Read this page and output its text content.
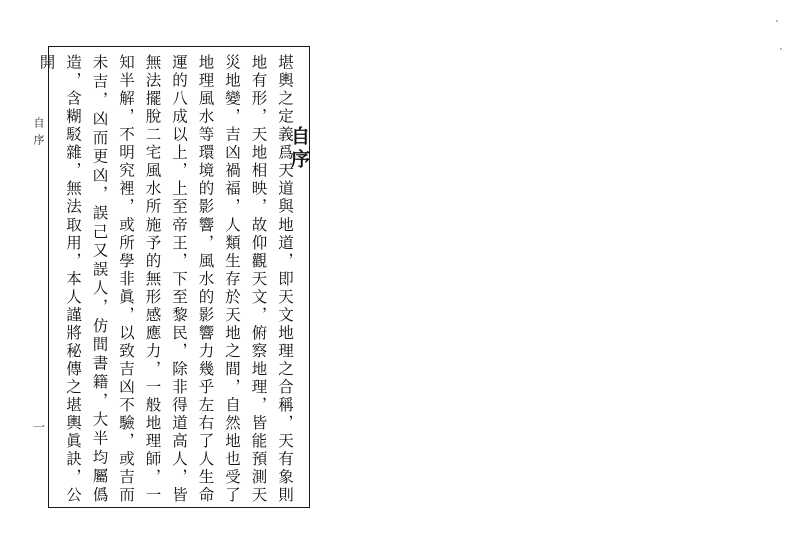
自序
堪輿之定義爲天道與地道，即天文地理之合稱，天有象則地有形，天地相映，故仰觀天文，俯察地理，皆能預測天災地變，吉凶禍福，人類生存於天地之間，自然地也受了地理風水等環境的影響，風水的影響力幾乎左右了人生命運的八成以上，上至帝王，下至黎民，除非得道高人，皆無法擺脫二宅風水所施予的無形感應力，一般地理師，一知半解，不明究裡，或所學非眞，以致吉凶不驗，或吉而未吉，凶而更凶，誤己又誤人，仿間書籍，大半均屬僞造，含糊駁雜，無法取用，本人謹將秘傳之堪輿眞訣，公開
自序
一
